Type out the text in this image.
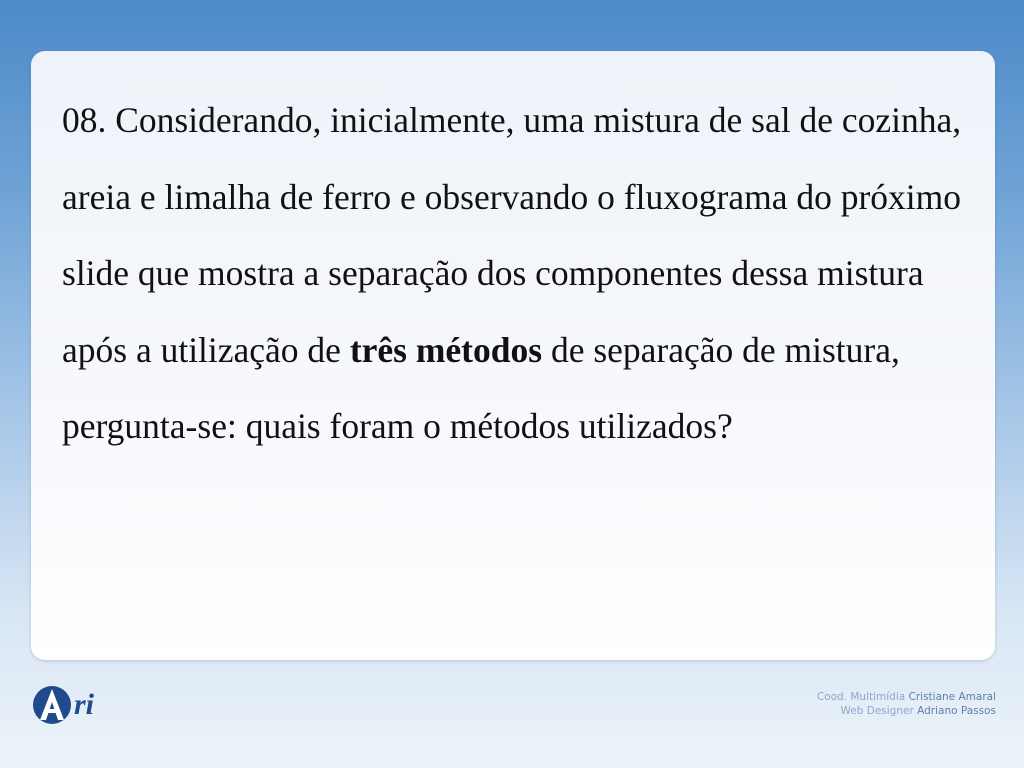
08. Considerando, inicialmente, uma mistura de sal de cozinha, areia e limalha de ferro e observando o fluxograma do próximo slide que mostra a separação dos componentes dessa mistura após a utilização de três métodos de separação de mistura, pergunta-se: quais foram o métodos utilizados?

ri	Cood. Multimídia Cristiane Amaral
Web Designer Adriano Passos
